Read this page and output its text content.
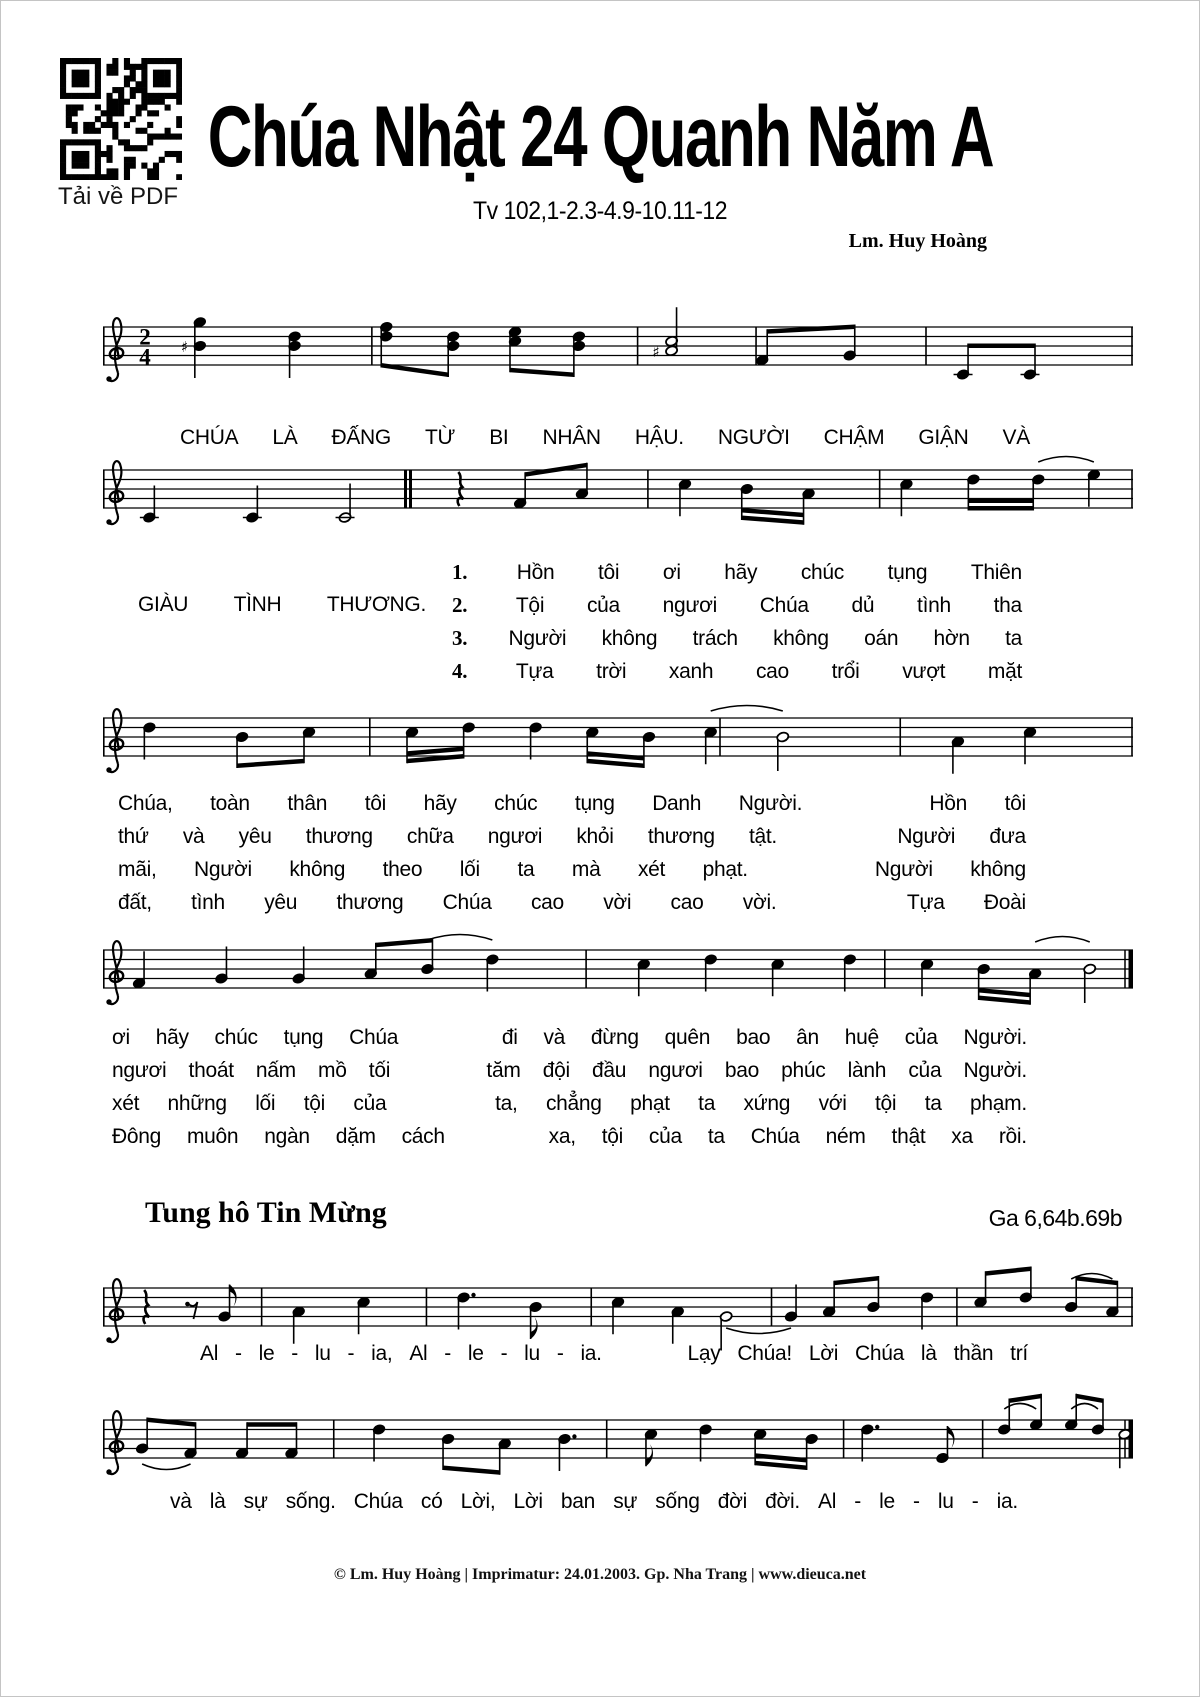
Tải về PDF
Chúa Nhật 24 Quanh Năm A
Tv 102,1-2.3-4.9-10.11-12
Lm. Huy Hoàng
CHÚA LÀ ĐẤNG TỪ BI NHÂN HẬU. NGƯỜI CHẬM GIẬN VÀ
1. Hồn tôi ơi hãy chúc tụng Thiên
GIÀU TÌNH THƯƠNG. 2. Tội của ngươi Chúa dủ tình tha
3. Người không trách không oán hờn ta
4. Tựa trời xanh cao trổi vượt mặt
Chúa, toàn thân tôi hãy chúc tụng Danh Người.	Hồn tôi
thứ và yêu thương chữa ngươi khỏi thương tật.	Người đưa
mãi, Người không theo lối ta mà xét phạt.	Người không
đất, tình yêu thương Chúa cao vời cao vời.	Tựa Đoài
ơi hãy chúc tụng Chúa	đi và đừng quên bao ân huệ của Người.
ngươi thoát nấm mồ tối	tăm đội đầu ngươi bao phúc lành của Người.
xét những lối tội của	ta, chẳng phạt ta xứng với tội ta phạm.
Đông muôn ngàn dặm cách	xa, tội của ta Chúa ném thật xa rồi.
Tung hô Tin Mừng	Ga 6,64b.69b
Al - le - lu - ia, Al - le - lu - ia.	Lạy Chúa! Lời Chúa là thần trí
và là sự sống. Chúa có Lời, Lời ban sự sống đời đời. Al - le - lu - ia.
© Lm. Huy Hoàng | Imprimatur: 24.01.2003. Gp. Nha Trang | www.dieuca.net
2
4 ♯	♯
